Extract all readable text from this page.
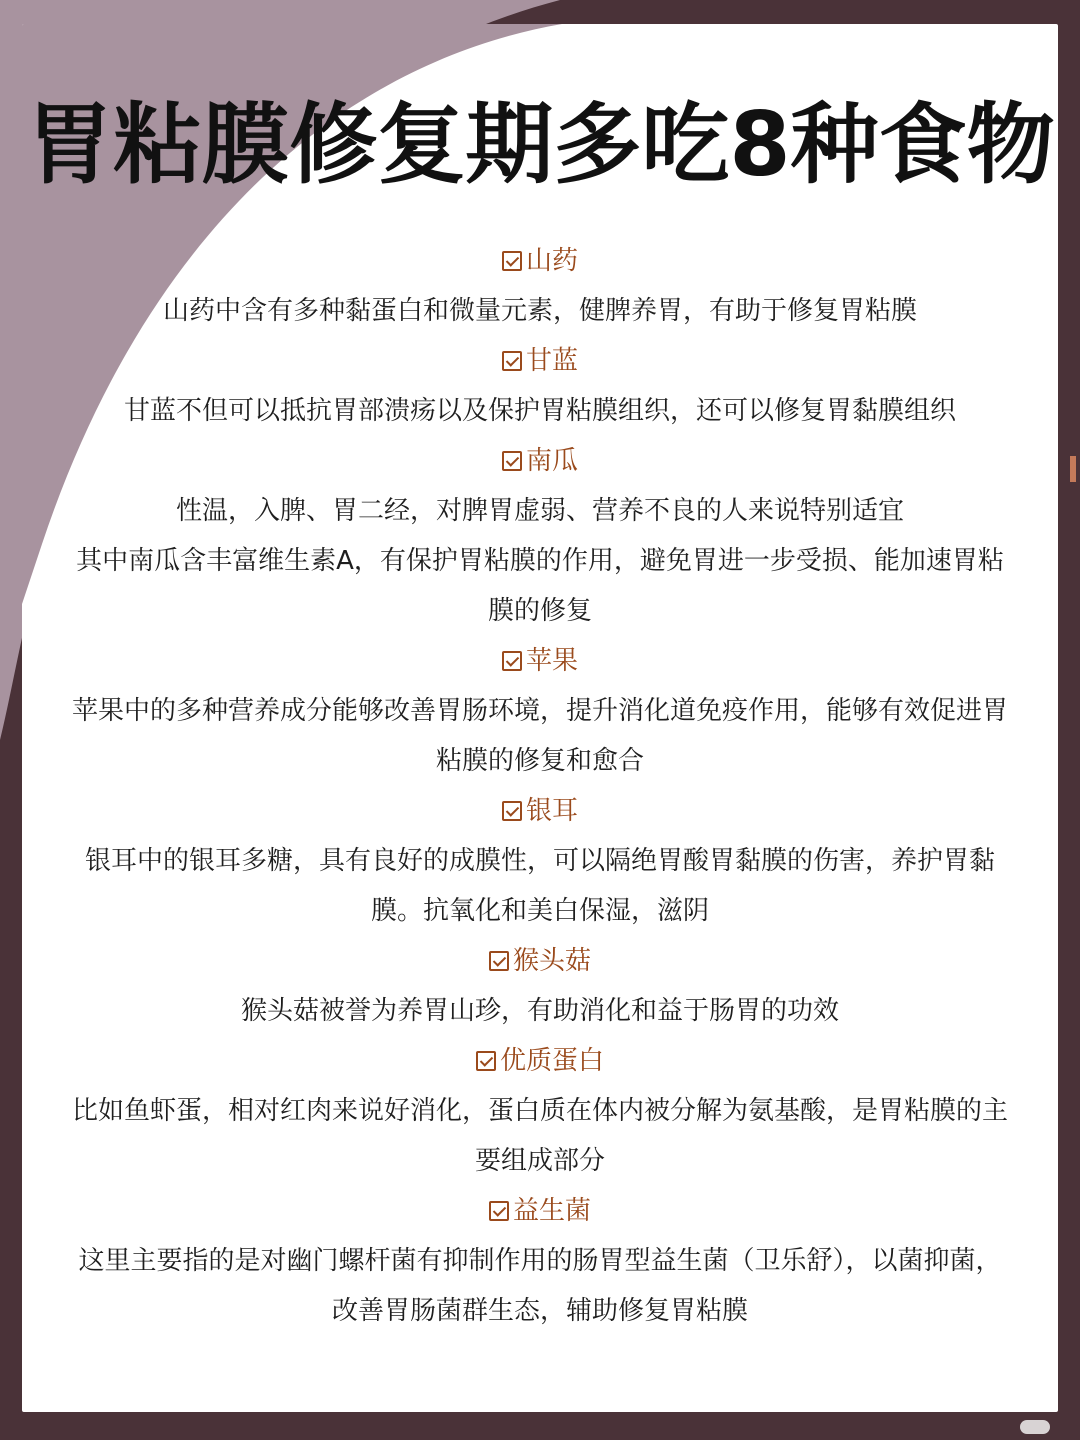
胃粘膜修复期多吃8种食物
山药
山药中含有多种黏蛋白和微量元素，健脾养胃，有助于修复胃粘膜
甘蓝
甘蓝不但可以抵抗胃部溃疡以及保护胃粘膜组织，还可以修复胃黏膜组织
南瓜
性温，入脾、胃二经，对脾胃虚弱、营养不良的人来说特别适宜
其中南瓜含丰富维生素A，有保护胃粘膜的作用，避免胃进一步受损、能加速胃粘
膜的修复
苹果
苹果中的多种营养成分能够改善胃肠环境，提升消化道免疫作用，能够有效促进胃
粘膜的修复和愈合
银耳
银耳中的银耳多糖，具有良好的成膜性，可以隔绝胃酸胃黏膜的伤害，养护胃黏
膜。抗氧化和美白保湿，滋阴
猴头菇
猴头菇被誉为养胃山珍，有助消化和益于肠胃的功效
优质蛋白
比如鱼虾蛋，相对红肉来说好消化，蛋白质在体内被分解为氨基酸，是胃粘膜的主
要组成部分
益生菌
这里主要指的是对幽门螺杆菌有抑制作用的肠胃型益生菌（卫乐舒），以菌抑菌，
改善胃肠菌群生态，辅助修复胃粘膜
